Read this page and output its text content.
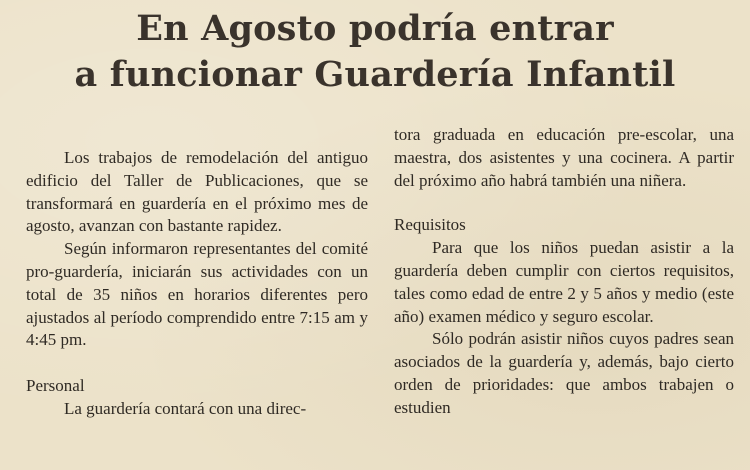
En Agosto podría entrar
a funcionar Guardería Infantil

Los trabajos de remodelación del antiguo edificio del Taller de Publicaciones, que se transformará en guardería en el próximo mes de agosto, avanzan con bastante rapidez.

Según informaron representantes del comité pro-guardería, iniciarán sus actividades con un total de 35 niños en horarios diferentes pero ajustados al período comprendido entre 7:15 am y 4:45 pm.

Personal

La guardería contará con una direc-

tora graduada en educación pre-escolar, una maestra, dos asistentes y una cocinera. A partir del próximo año habrá también una niñera.

Requisitos

Para que los niños puedan asistir a la guardería deben cumplir con ciertos requisitos, tales como edad de entre 2 y 5 años y medio (este año) examen médico y seguro escolar.

Sólo podrán asistir niños cuyos padres sean asociados de la guardería y, además, bajo cierto orden de prioridades: que ambos trabajen o estudien
